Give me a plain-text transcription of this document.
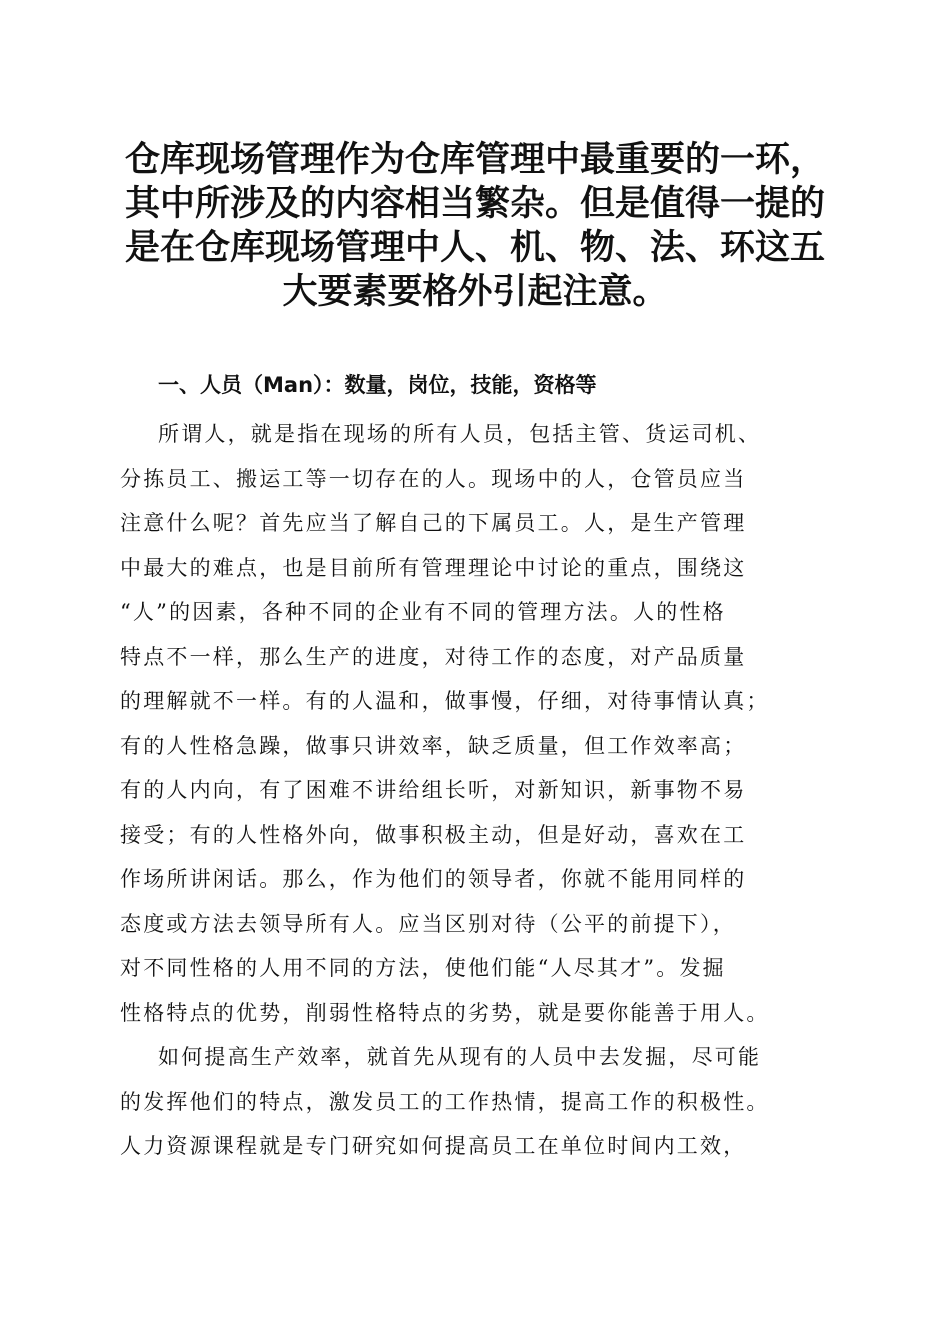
仓库现场管理作为仓库管理中最重要的一环，
其中所涉及的内容相当繁杂。但是值得一提的
是在仓库现场管理中人、机、物、法、环这五
大要素要格外引起注意。
一、人员（Man）：数量，岗位，技能，资格等
所谓人，就是指在现场的所有人员，包括主管、货运司机、
分拣员工、搬运工等一切存在的人。现场中的人，仓管员应当
注意什么呢？首先应当了解自己的下属员工。人，是生产管理
中最大的难点，也是目前所有管理理论中讨论的重点，围绕这
“人”的因素，各种不同的企业有不同的管理方法。人的性格
特点不一样，那么生产的进度，对待工作的态度，对产品质量
的理解就不一样。有的人温和，做事慢，仔细，对待事情认真；
有的人性格急躁，做事只讲效率，缺乏质量，但工作效率高；
有的人内向，有了困难不讲给组长听，对新知识，新事物不易
接受；有的人性格外向，做事积极主动，但是好动，喜欢在工
作场所讲闲话。那么，作为他们的领导者，你就不能用同样的
态度或方法去领导所有人。应当区别对待（公平的前提下），
对不同性格的人用不同的方法，使他们能“人尽其才”。发掘
性格特点的优势，削弱性格特点的劣势，就是要你能善于用人。
如何提高生产效率，就首先从现有的人员中去发掘，尽可能
的发挥他们的特点，激发员工的工作热情，提高工作的积极性。
人力资源课程就是专门研究如何提高员工在单位时间内工效，
